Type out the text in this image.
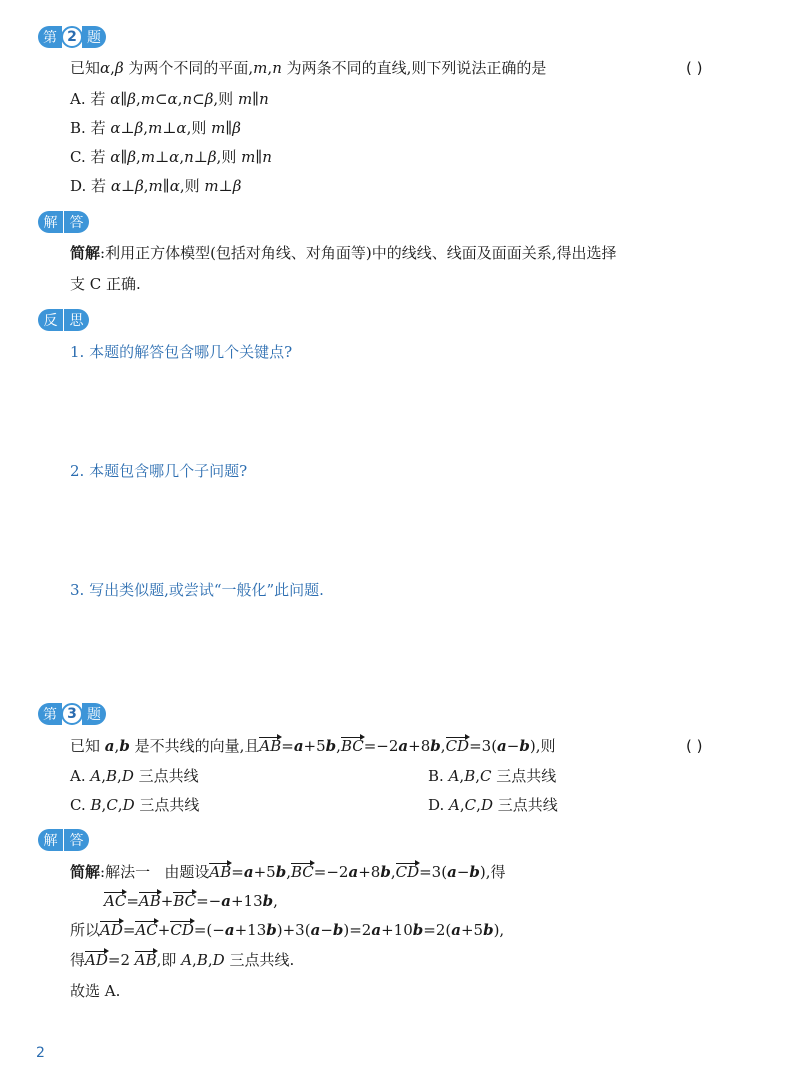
第 2 题
已知α,β 为两个不同的平面,m,n 为两条不同的直线,则下列说法正确的是	( )
A. 若 α∥β,m⊂α,n⊂β,则 m∥n
B. 若 α⊥β,m⊥α,则 m∥β
C. 若 α∥β,m⊥α,n⊥β,则 m∥n
D. 若 α⊥β,m∥α,则 m⊥β
解 答
简解:利用正方体模型(包括对角线、对角面等)中的线线、线面及面面关系,得出选择
支 C 正确.
反 思
1. 本题的解答包含哪几个关键点?
2. 本题包含哪几个子问题?
3. 写出类似题,或尝试“一般化”此问题.
第 3 题
已知 a,b 是不共线的向量,且AB=a+5b,BC=−2a+8b,CD=3(a−b),则	( )
A. A,B,D 三点共线	B. A,B,C 三点共线
C. B,C,D 三点共线	D. A,C,D 三点共线
解 答
简解:解法一 由题设AB=a+5b,BC=−2a+8b,CD=3(a−b),得
AC=AB+BC=−a+13b,
所以AD=AC+CD=(−a+13b)+3(a−b)=2a+10b=2(a+5b),
得AD=2 AB,即 A,B,D 三点共线.
故选 A.
2
